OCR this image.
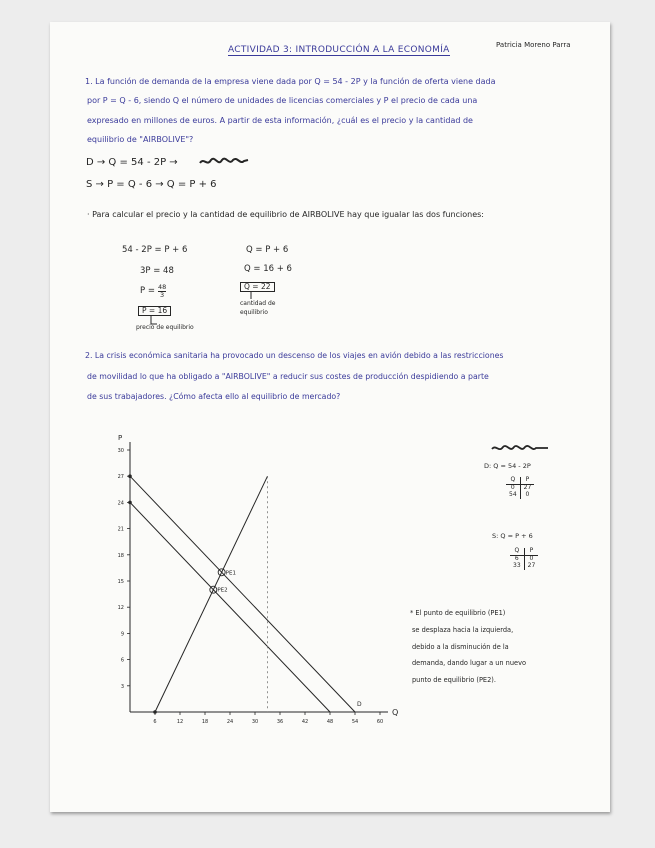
ACTIVIDAD 3: INTRODUCCIÓN A LA ECONOMÍA	Patricia Moreno Parra
1. La función de demanda de la empresa viene dada por Q = 54 - 2P y la función de oferta viene dada
por P = Q - 6, siendo Q el número de unidades de licencias comerciales y P el precio de cada una
expresado en millones de euros. A partir de esta información, ¿cuál es el precio y la cantidad de
equilibrio de "AIRBOLIVE"?
D → Q = 54 - 2P →
S → P = Q - 6 → Q = P + 6
· Para calcular el precio y la cantidad de equilibrio de AIRBOLIVE hay que igualar las dos funciones:
54 - 2P = P + 6
3P = 48
$P = \frac{48}{3}$
P = 16
precio de equilibrio
Q = P + 6
Q = 16 + 6
Q = 22
cantidad de
equilibrio
2. La crisis económica sanitaria ha provocado un descenso de los viajes en avión debido a las restricciones
de movilidad lo que ha obligado a "AIRBOLIVE" a reducir sus costes de producción despidiendo a parte
de sus trabajadores. ¿Cómo afecta ello al equilibrio de mercado?
P
Q
6	12	18	24	30	36	42	48	54	60
3
6
9
12
15
18
21
24
27
30
D
PE1
PE2
D: Q = 54 - 2P
Q	P
0	27
54	0
S: Q = P + 6
Q	P
6	0
33	27
* El punto de equilibrio (PE1)
se desplaza hacia la izquierda,
debido a la disminución de la
demanda, dando lugar a un nuevo
punto de equilibrio (PE2).
